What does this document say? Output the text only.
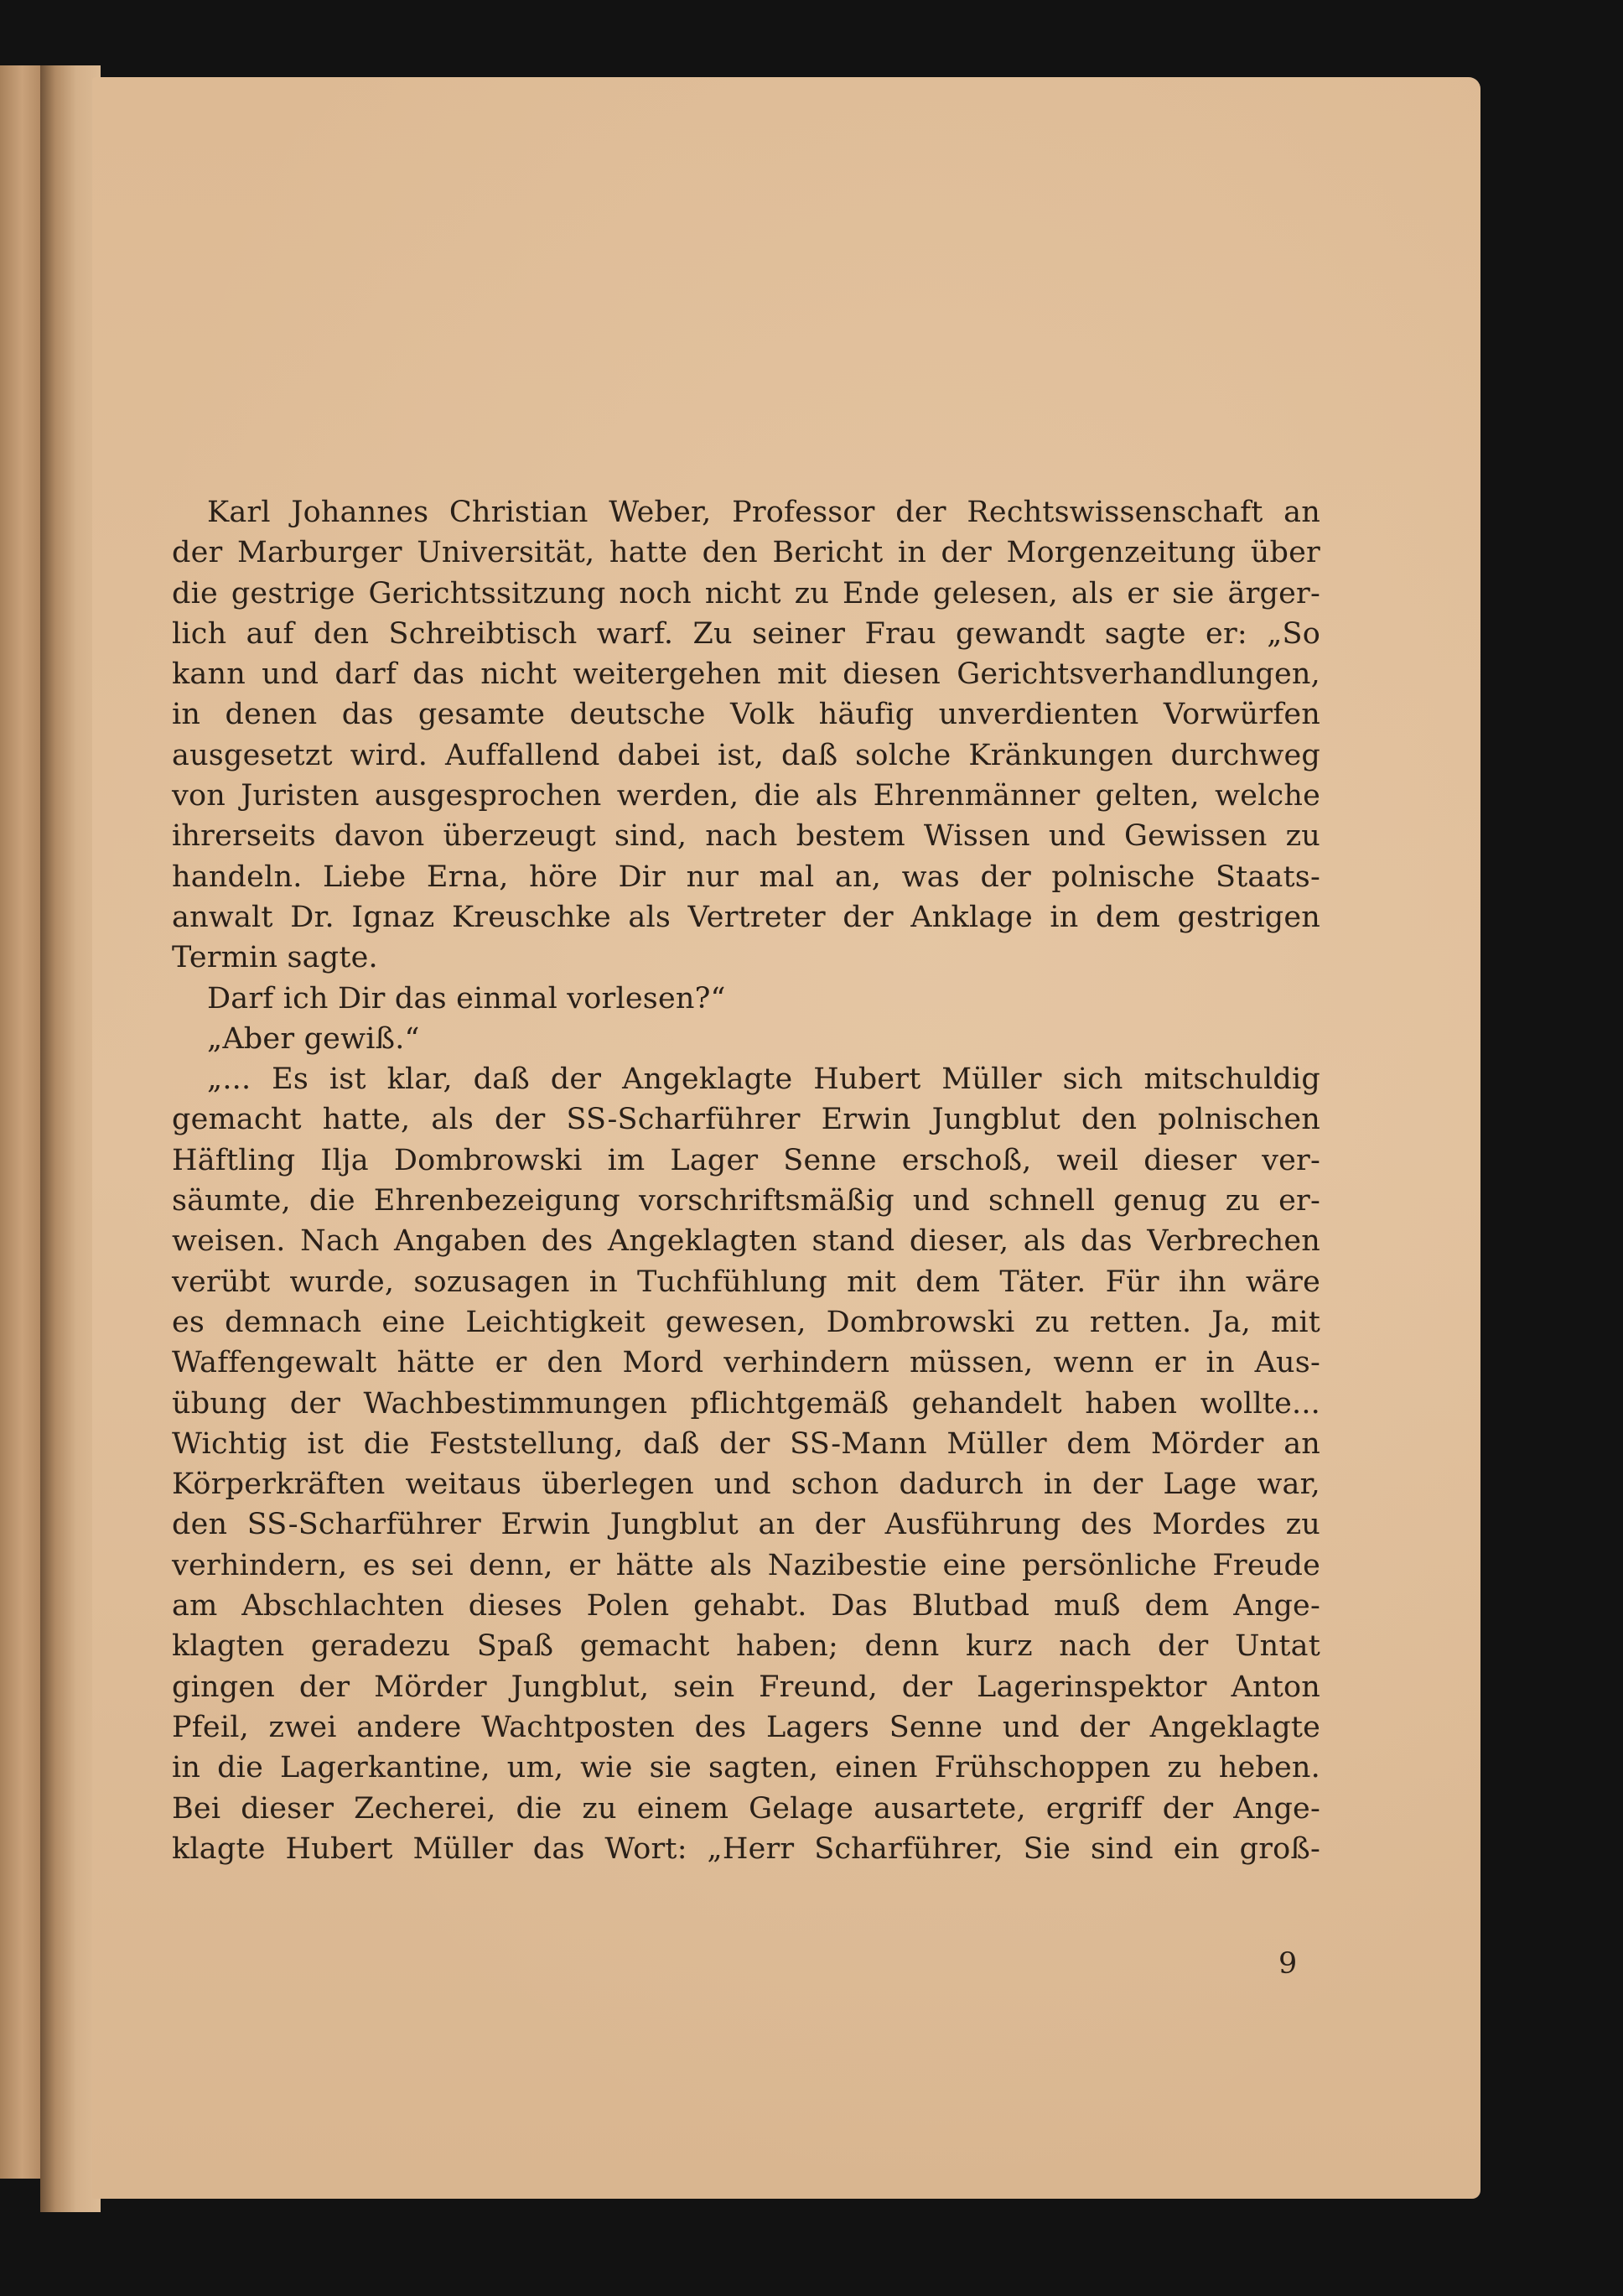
Karl Johannes Christian Weber, Professor der Rechtswissenschaft an
der Marburger Universität, hatte den Bericht in der Morgenzeitung über
die gestrige Gerichtssitzung noch nicht zu Ende gelesen, als er sie ärger-
lich auf den Schreibtisch warf. Zu seiner Frau gewandt sagte er: „So
kann und darf das nicht weitergehen mit diesen Gerichtsverhandlungen,
in denen das gesamte deutsche Volk häufig unverdienten Vorwürfen
ausgesetzt wird. Auffallend dabei ist, daß solche Kränkungen durchweg
von Juristen ausgesprochen werden, die als Ehrenmänner gelten, welche
ihrerseits davon überzeugt sind, nach bestem Wissen und Gewissen zu
handeln. Liebe Erna, höre Dir nur mal an, was der polnische Staats-
anwalt Dr. Ignaz Kreuschke als Vertreter der Anklage in dem gestrigen
Termin sagte.
Darf ich Dir das einmal vorlesen?“
„Aber gewiß.“
„... Es ist klar, daß der Angeklagte Hubert Müller sich mitschuldig
gemacht hatte, als der SS-Scharführer Erwin Jungblut den polnischen
Häftling Ilja Dombrowski im Lager Senne erschoß, weil dieser ver-
säumte, die Ehrenbezeigung vorschriftsmäßig und schnell genug zu er-
weisen. Nach Angaben des Angeklagten stand dieser, als das Verbrechen
verübt wurde, sozusagen in Tuchfühlung mit dem Täter. Für ihn wäre
es demnach eine Leichtigkeit gewesen, Dombrowski zu retten. Ja, mit
Waffengewalt hätte er den Mord verhindern müssen, wenn er in Aus-
übung der Wachbestimmungen pflichtgemäß gehandelt haben wollte...
Wichtig ist die Feststellung, daß der SS-Mann Müller dem Mörder an
Körperkräften weitaus überlegen und schon dadurch in der Lage war,
den SS-Scharführer Erwin Jungblut an der Ausführung des Mordes zu
verhindern, es sei denn, er hätte als Nazibestie eine persönliche Freude
am Abschlachten dieses Polen gehabt. Das Blutbad muß dem Ange-
klagten geradezu Spaß gemacht haben; denn kurz nach der Untat
gingen der Mörder Jungblut, sein Freund, der Lagerinspektor Anton
Pfeil, zwei andere Wachtposten des Lagers Senne und der Angeklagte
in die Lagerkantine, um, wie sie sagten, einen Frühschoppen zu heben.
Bei dieser Zecherei, die zu einem Gelage ausartete, ergriff der Ange-
klagte Hubert Müller das Wort: „Herr Scharführer, Sie sind ein groß-
9
